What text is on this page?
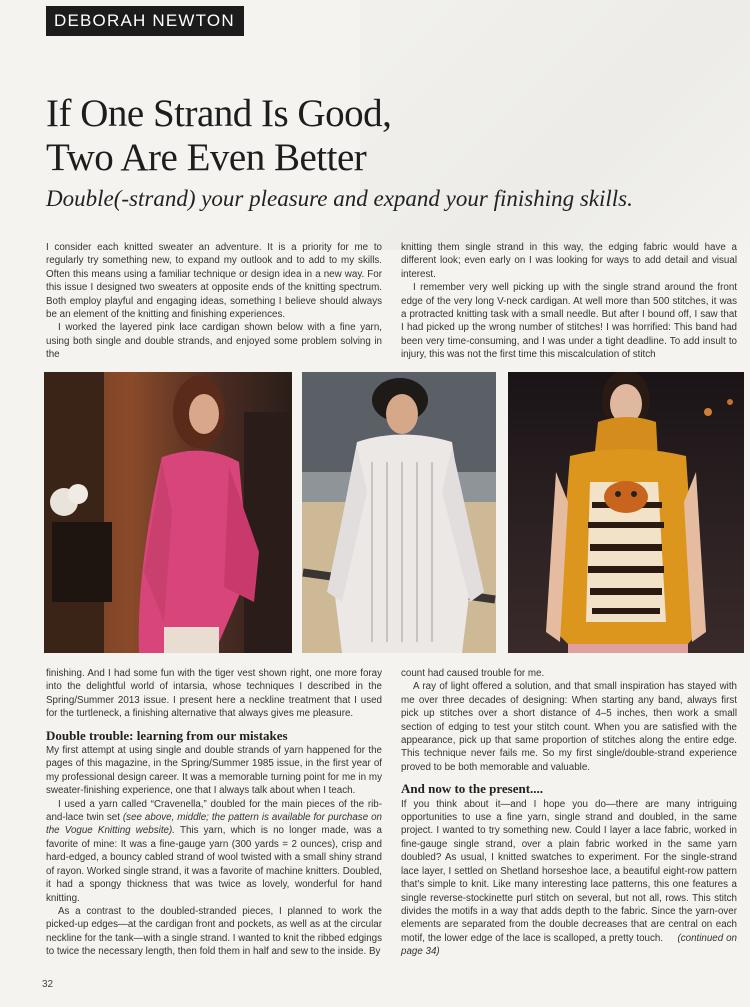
DEBORAH NEWTON
If One Strand Is Good,
Two Are Even Better
Double(-strand) your pleasure and expand your finishing skills.

I consider each knitted sweater an adventure. It is a priority for me to regularly try something new, to expand my outlook and to add to my skills. Often this means using a familiar technique or design idea in a new way. For this issue I designed two sweaters at opposite ends of the knitting spectrum. Both employ playful and engaging ideas, something I believe should always be an element of the knitting and finishing experiences.

I worked the layered pink lace cardigan shown below with a fine yarn, using both single and double strands, and enjoyed some problem solving in the

knitting them single strand in this way, the edging fabric would have a different look; even early on I was looking for ways to add detail and visual interest.

I remember very well picking up with the single strand around the front edge of the very long V-neck cardigan. At well more than 500 stitches, it was a protracted knitting task with a small needle. But after I bound off, I saw that I had picked up the wrong number of stitches! I was horrified: This band had been very time-consuming, and I was under a tight deadline. To add insult to injury, this was not the first time this miscalculation of stitch

finishing. And I had some fun with the tiger vest shown right, one more foray into the delightful world of intarsia, whose techniques I described in the Spring/Summer 2013 issue. I present here a neckline treatment that I used for the turtleneck, a finishing alternative that always gives me pleasure.

Double trouble: learning from our mistakes

My first attempt at using single and double strands of yarn happened for the pages of this magazine, in the Spring/Summer 1985 issue, in the first year of my professional design career. It was a memorable turning point for me in my sweater-finishing experience, one that I always talk about when I teach.

I used a yarn called “Cravenella,” doubled for the main pieces of the rib-and-lace twin set (see above, middle; the pattern is available for purchase on the Vogue Knitting website). This yarn, which is no longer made, was a favorite of mine: It was a fine-gauge yarn (300 yards = 2 ounces), crisp and hard-edged, a bouncy cabled strand of wool twisted with a small shiny strand of rayon. Worked single strand, it was a favorite of machine knitters. Doubled, it had a spongy thickness that was twice as lovely, wonderful for hand knitting.

As a contrast to the doubled-stranded pieces, I planned to work the picked-up edges—at the cardigan front and pockets, as well as at the circular neckline for the tank—with a single strand. I wanted to knit the ribbed edgings to twice the necessary length, then fold them in half and sew to the inside. By

count had caused trouble for me.

A ray of light offered a solution, and that small inspiration has stayed with me over three decades of designing: When starting any band, always first pick up stitches over a short distance of 4–5 inches, then work a small section of edging to test your stitch count. When you are satisfied with the appearance, pick up that same proportion of stitches along the entire edge. This technique never fails me. So my first single/double-strand experience proved to be both memorable and valuable.

And now to the present....

If you think about it—and I hope you do—there are many intriguing opportunities to use a fine yarn, single strand and doubled, in the same project. I wanted to try something new. Could I layer a lace fabric, worked in fine-gauge single strand, over a plain fabric worked in the same yarn doubled? As usual, I knitted swatches to experiment. For the single-strand lace layer, I settled on Shetland horseshoe lace, a beautiful eight-row pattern that's simple to knit. Like many interesting lace patterns, this one features a single reverse-stockinette purl stitch on several, but not all, rows. This stitch divides the motifs in a way that adds depth to the fabric. Since the yarn-over elements are separated from the double decreases that are central on each motif, the lower edge of the lace is scalloped, a pretty touch. (continued on page 34)

32
